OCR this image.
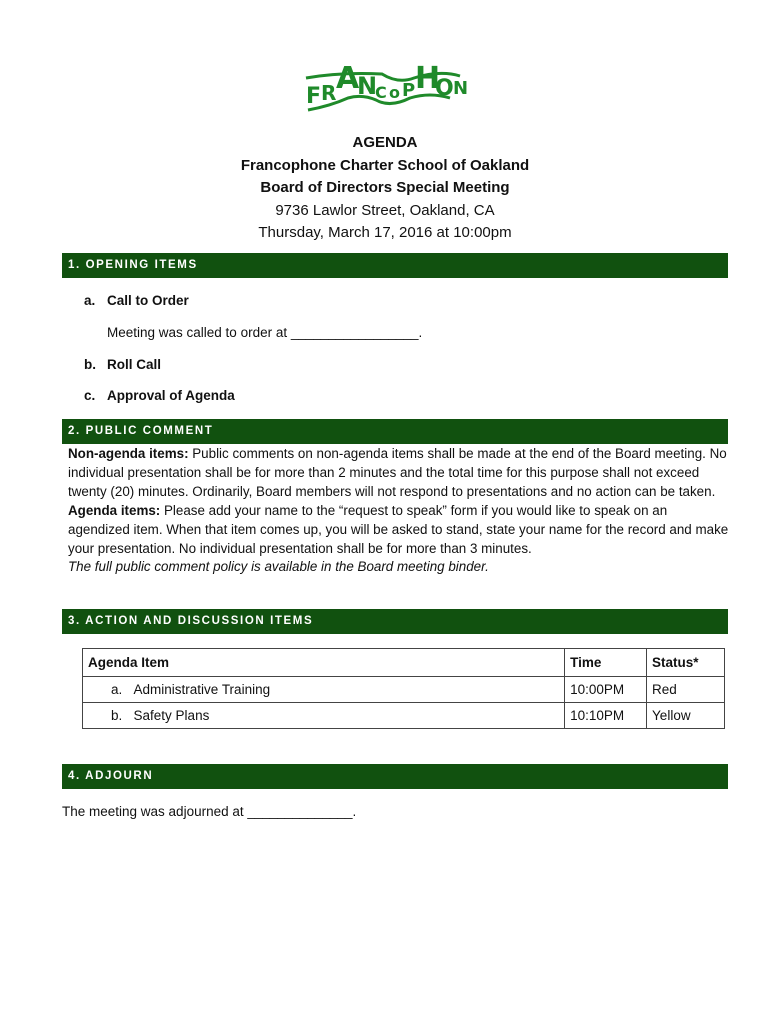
F R A
N
C o P H
O N
AGENDA
Francophone Charter School of Oakland
Board of Directors Special Meeting
9736 Lawlor Street, Oakland, CA
Thursday, March 17, 2016 at 10:00pm
1. OPENING ITEMS
a. Call to Order
Meeting was called to order at _________________.
b. Roll Call
c. Approval of Agenda
2. PUBLIC COMMENT

Non-agenda items: Public comments on non-agenda items shall be made at the end of the Board meeting. No individual presentation shall be for more than 2 minutes and the total time for this purpose shall not exceed twenty (20) minutes. Ordinarily, Board members will not respond to presentations and no action can be taken.

Agenda items: Please add your name to the “request to speak” form if you would like to speak on an agendized item. When that item comes up, you will be asked to stand, state your name for the record and make your presentation. No individual presentation shall be for more than 3 minutes.

The full public comment policy is available in the Board meeting binder.

3. ACTION AND DISCUSSION ITEMS
Agenda Item	Time	Status*
a. Administrative Training	10:00PM	Red
b. Safety Plans	10:10PM	Yellow
4. ADJOURN
The meeting was adjourned at ______________.
